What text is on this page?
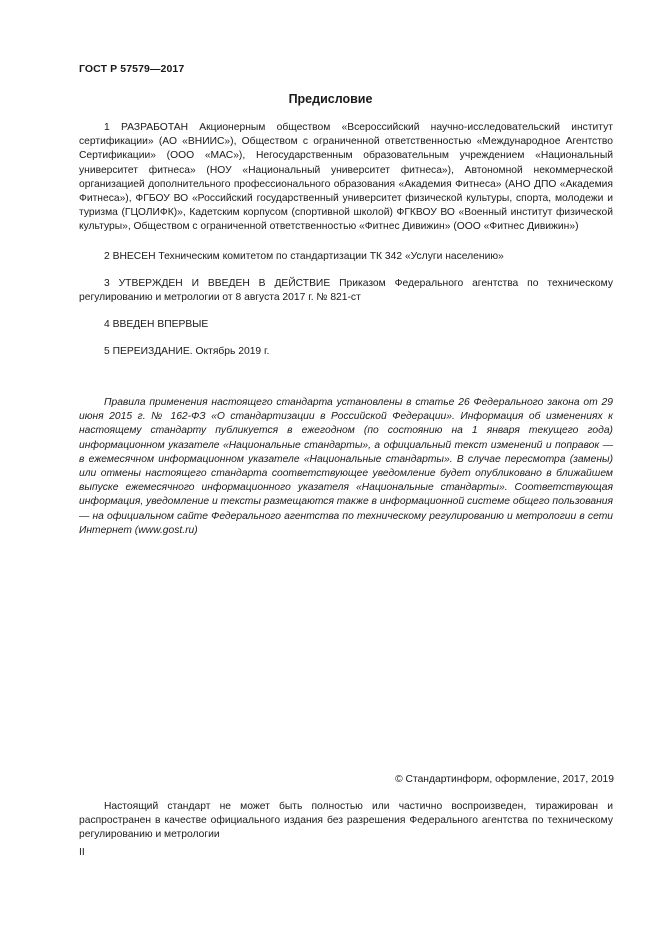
ГОСТ Р 57579—2017
Предисловие

1 РАЗРАБОТАН Акционерным обществом «Всероссийский научно-исследовательский институт сертификации» (АО «ВНИИС»), Обществом с ограниченной ответственностью «Международное Агентство Сертификации» (ООО «МАС»), Негосударственным образовательным учреждением «Национальный университет фитнеса» (НОУ «Национальный университет фитнеса»), Автономной некоммерческой организацией дополнительного профессионального образования «Академия Фитнеса» (АНО ДПО «Академия Фитнеса»), ФГБОУ ВО «Российский государственный университет физической культуры, спорта, молодежи и туризма (ГЦОЛИФК)», Кадетским корпусом (спортивной школой) ФГКВОУ ВО «Военный институт физической культуры», Обществом с ограниченной ответственностью «Фитнес Дивижин» (ООО «Фитнес Дивижин»)

2 ВНЕСЕН Техническим комитетом по стандартизации ТК 342 «Услуги населению»

3 УТВЕРЖДЕН И ВВЕДЕН В ДЕЙСТВИЕ Приказом Федерального агентства по техническому регулированию и метрологии от 8 августа 2017 г. № 821-ст

4 ВВЕДЕН ВПЕРВЫЕ

5 ПЕРЕИЗДАНИЕ. Октябрь 2019 г.

Правила применения настоящего стандарта установлены в статье 26 Федерального закона от 29 июня 2015 г. № 162-ФЗ «О стандартизации в Российской Федерации». Информация об изменениях к настоящему стандарту публикуется в ежегодном (по состоянию на 1 января текущего года) информационном указателе «Национальные стандарты», а официальный текст изменений и поправок — в ежемесячном информационном указателе «Национальные стандарты». В случае пересмотра (замены) или отмены настоящего стандарта соответствующее уведомление будет опубликовано в ближайшем выпуске ежемесячного информационного указателя «Национальные стандарты». Соответствующая информация, уведомление и тексты размещаются также в информационной системе общего пользования — на официальном сайте Федерального агентства по техническому регулированию и метрологии в сети Интернет (www.gost.ru)
© Стандартинформ, оформление, 2017, 2019
Настоящий стандарт не может быть полностью или частично воспроизведен, тиражирован и распространен в качестве официального издания без разрешения Федерального агентства по техническому регулированию и метрологии
II
